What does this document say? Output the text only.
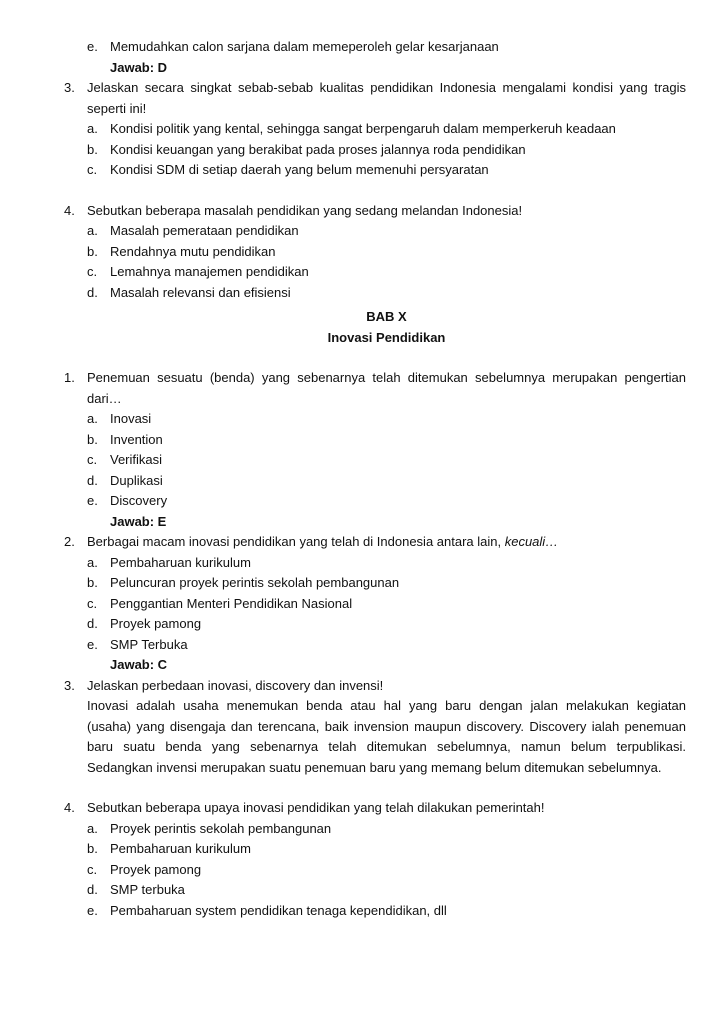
e. Memudahkan calon sarjana dalam memeperoleh gelar kesarjanaan
Jawab: D
3. Jelaskan secara singkat sebab-sebab kualitas pendidikan Indonesia mengalami kondisi yang tragis
seperti ini!
a. Kondisi politik yang kental, sehingga sangat berpengaruh dalam memperkeruh keadaan
b. Kondisi keuangan yang berakibat pada proses jalannya roda pendidikan
c. Kondisi SDM di setiap daerah yang belum memenuhi persyaratan
4. Sebutkan beberapa masalah pendidikan yang sedang melandan Indonesia!
a. Masalah pemerataan pendidikan
b. Rendahnya mutu pendidikan
c. Lemahnya manajemen pendidikan
d. Masalah relevansi dan efisiensi
BAB X
Inovasi Pendidikan
1. Penemuan sesuatu (benda) yang sebenarnya telah ditemukan sebelumnya merupakan pengertian
dari…
a. Inovasi
b. Invention
c. Verifikasi
d. Duplikasi
e. Discovery
Jawab: E
2. Berbagai macam inovasi pendidikan yang telah di Indonesia antara lain, kecuali…
a. Pembaharuan kurikulum
b. Peluncuran proyek perintis sekolah pembangunan
c. Penggantian Menteri Pendidikan Nasional
d. Proyek pamong
e. SMP Terbuka
Jawab: C
3. Jelaskan perbedaan inovasi, discovery dan invensi!
Inovasi adalah usaha menemukan benda atau hal yang baru dengan jalan melakukan kegiatan
(usaha) yang disengaja dan terencana, baik invension maupun discovery. Discovery ialah penemuan
baru suatu benda yang sebenarnya telah ditemukan sebelumnya, namun belum terpublikasi.
Sedangkan invensi merupakan suatu penemuan baru yang memang belum ditemukan sebelumnya.
4. Sebutkan beberapa upaya inovasi pendidikan yang telah dilakukan pemerintah!
a. Proyek perintis sekolah pembangunan
b. Pembaharuan kurikulum
c. Proyek pamong
d. SMP terbuka
e. Pembaharuan system pendidikan tenaga kependidikan, dll
